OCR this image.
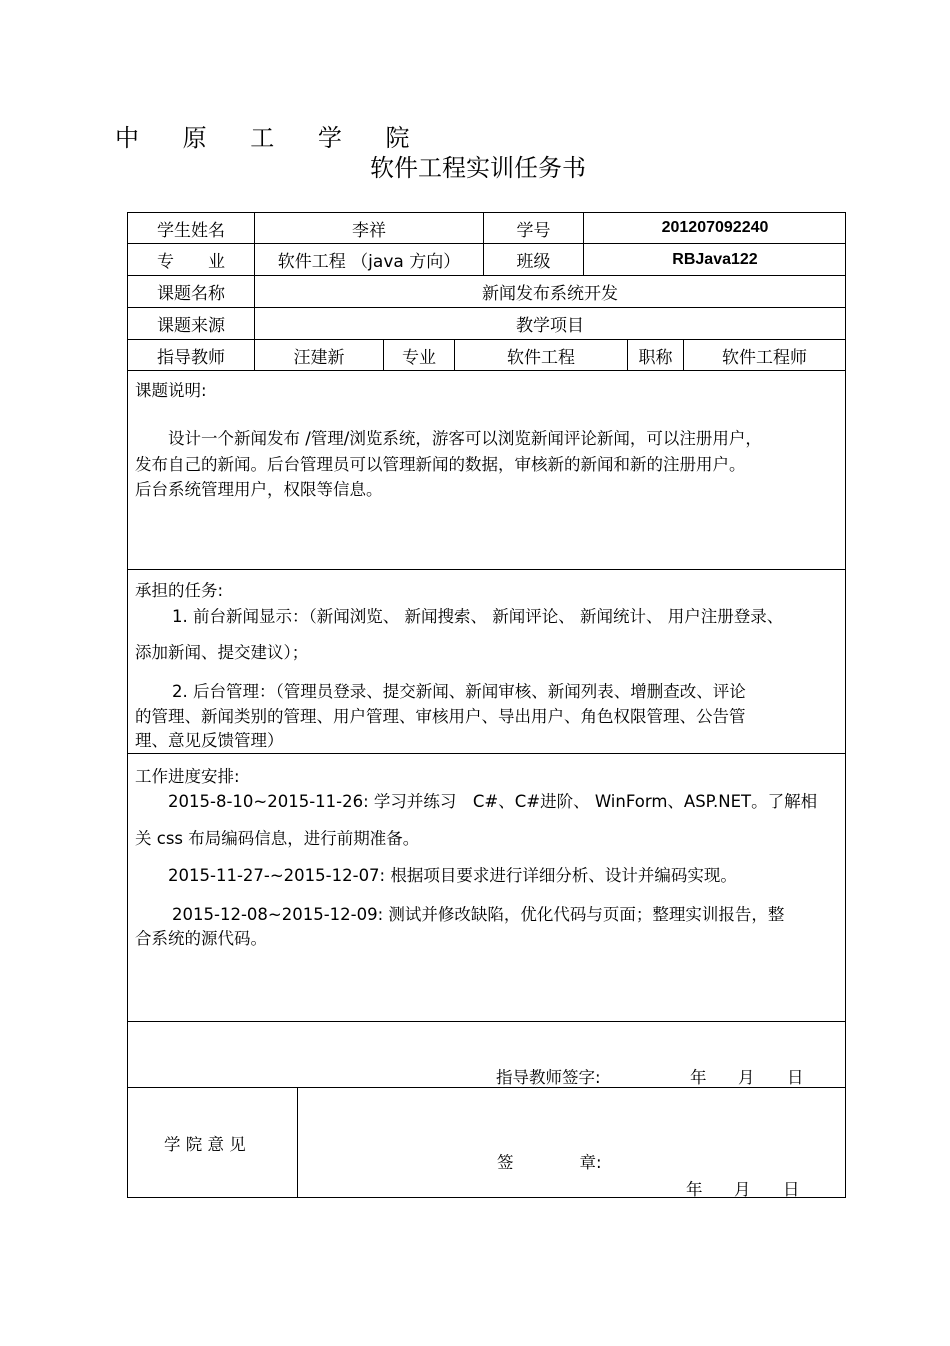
中 原 工 学 院
软件工程实训任务书
学生姓名	李祥	学号	201207092240
专　　业	软件工程 （java 方向）	班级	RBJava122
课题名称	新闻发布系统开发
课题来源	教学项目
指导教师	汪建新	专业	软件工程	职称	软件工程师
课题说明:
设计一个新闻发布 /管理/浏览系统，游客可以浏览新闻评论新闻，可以注册用户，
发布自己的新闻。后台管理员可以管理新闻的数据，审核新的新闻和新的注册用户。
后台系统管理用户，权限等信息。
承担的任务:
1. 前台新闻显示：（新闻浏览、 新闻搜索、 新闻评论、 新闻统计、 用户注册登录、
添加新闻、提交建议）；
2. 后台管理：（管理员登录、提交新闻、新闻审核、新闻列表、增删查改、评论
的管理、新闻类别的管理、用户管理、审核用户、导出用户、角色权限管理、公告管
理、意见反馈管理）
工作进度安排:
2015-8-10~2015-11-26: 学习并练习　C#、C#进阶、 WinForm、ASP.NET。了解相
关 css 布局编码信息，进行前期准备。
2015-11-27-~2015-12-07: 根据项目要求进行详细分析、设计并编码实现。
2015-12-08~2015-12-09: 测试并修改缺陷，优化代码与页面；整理实训报告，整
合系统的源代码。
指导教师签字:	年 月 日
学 院 意 见
签　　　　章:
年 月 日
